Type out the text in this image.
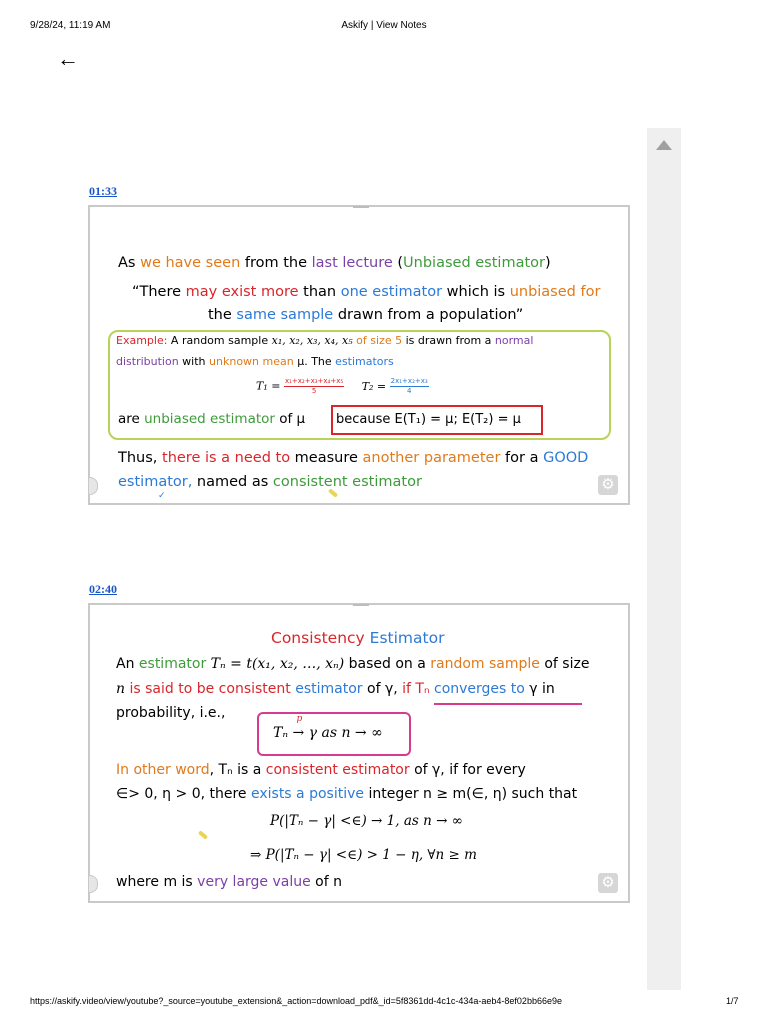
9/28/24, 11:19 AM	Askify | View Notes
←
01:33
As we have seen from the last lecture (Unbiased estimator)
“There may exist more than one estimator which is unbiased for
the same sample drawn from a population”
Example: A random sample x₁, x₂, x₃, x₄, x₅ of size 5 is drawn from a normal
distribution with unknown mean μ. The estimators
$T_1 = \frac{\text{x₁+x₂+x₃+x₄+x₅}}{5} T_2 = \frac{\text{2x₁+x₂+x₃}}{4}$
are unbiased estimator of μ because E(T₁) = μ; E(T₂) = μ
Thus, there is a need to measure another parameter for a GOOD
estimator, named as consistent estimator
✓
⚙
02:40
Consistency Estimator
An estimator Tₙ = t(x₁, x₂, …, xₙ) based on a random sample of size
n is said to be consistent estimator of γ, if Tₙ converges to γ in
probability, i.e.,
Tₙ
p
→ γ as n → ∞
In other word, Tₙ is a consistent estimator of γ, if for every
∈> 0, η > 0, there exists a positive integer n ≥ m(∈, η) such that
P(|Tₙ − γ| <∈) → 1, as n → ∞
⇒ P(|Tₙ − γ| <∈) > 1 − η, ∀n ≥ m
where m is very large value of n	⚙
https://askify.video/view/youtube?_source=youtube_extension&_action=download_pdf&_id=5f8361dd-4c1c-434a-aeb4-8ef02bb66e9e	1/7
